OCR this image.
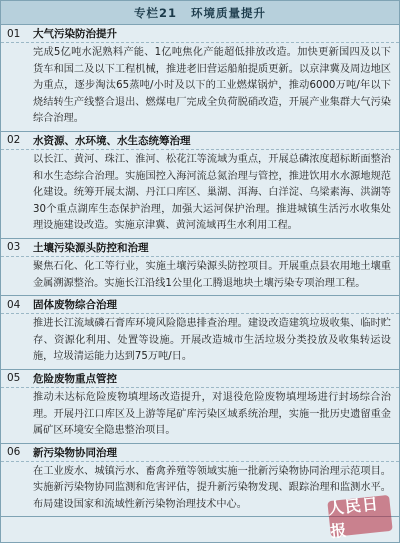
专栏21 环境质量提升
01	大气污染防治提升
完成5亿吨水泥熟料产能、1亿吨焦化产能超低排放改造。加快更新国四及以下货车和国二及以下工程机械，推进老旧营运船舶提质更新。以京津冀及周边地区为重点，逐步淘汰65蒸吨/小时及以下的工业燃煤锅炉，推动6000万吨/年以下烧结转生产线整合退出、燃煤电厂完成全负荷脱硝改造，开展产业集群大气污染综合治理。
02	水资源、水环境、水生态统筹治理
以长江、黄河、珠江、淮河、松花江等流域为重点，开展总磷浓度超标断面整治和水生态综合治理。实施国控入海河流总氮治理与管控，推进饮用水水源地规范化建设。统筹开展太湖、丹江口库区、巢湖、洱海、白洋淀、乌梁素海、洪湖等30个重点湖库生态保护治理，加强大运河保护治理。推进城镇生活污水收集处理设施建设改造。实施京津冀、黄河流域再生水利用工程。
03	土壤污染源头防控和治理
聚焦石化、化工等行业，实施土壤污染源头防控项目。开展重点县农用地土壤重金属溯源整治。实施长江沿线1公里化工腾退地块土壤污染专项治理工程。
04	固体废物综合治理
推进长江流域磷石膏库环境风险隐患排查治理。建设改造建筑垃圾收集、临时贮存、资源化利用、处置等设施。开展改造城市生活垃圾分类投放及收集转运设施，垃圾清运能力达到75万吨/日。
05	危险废物重点管控
推动未达标危险废物填埋场改造提升，对退役危险废物填埋场进行封场综合治理。开展丹江口库区及上游等尾矿库污染区域系统治理，实施一批历史遗留重金属矿区环境安全隐患整治项目。
06	新污染物协同治理
在工业废水、城镇污水、畜禽养殖等领域实施一批新污染物协同治理示范项目。实施新污染物协同监测和危害评估，提升新污染物发现、跟踪治理和监测水平。布局建设国家和流域性新污染物治理技术中心。	人民日报
